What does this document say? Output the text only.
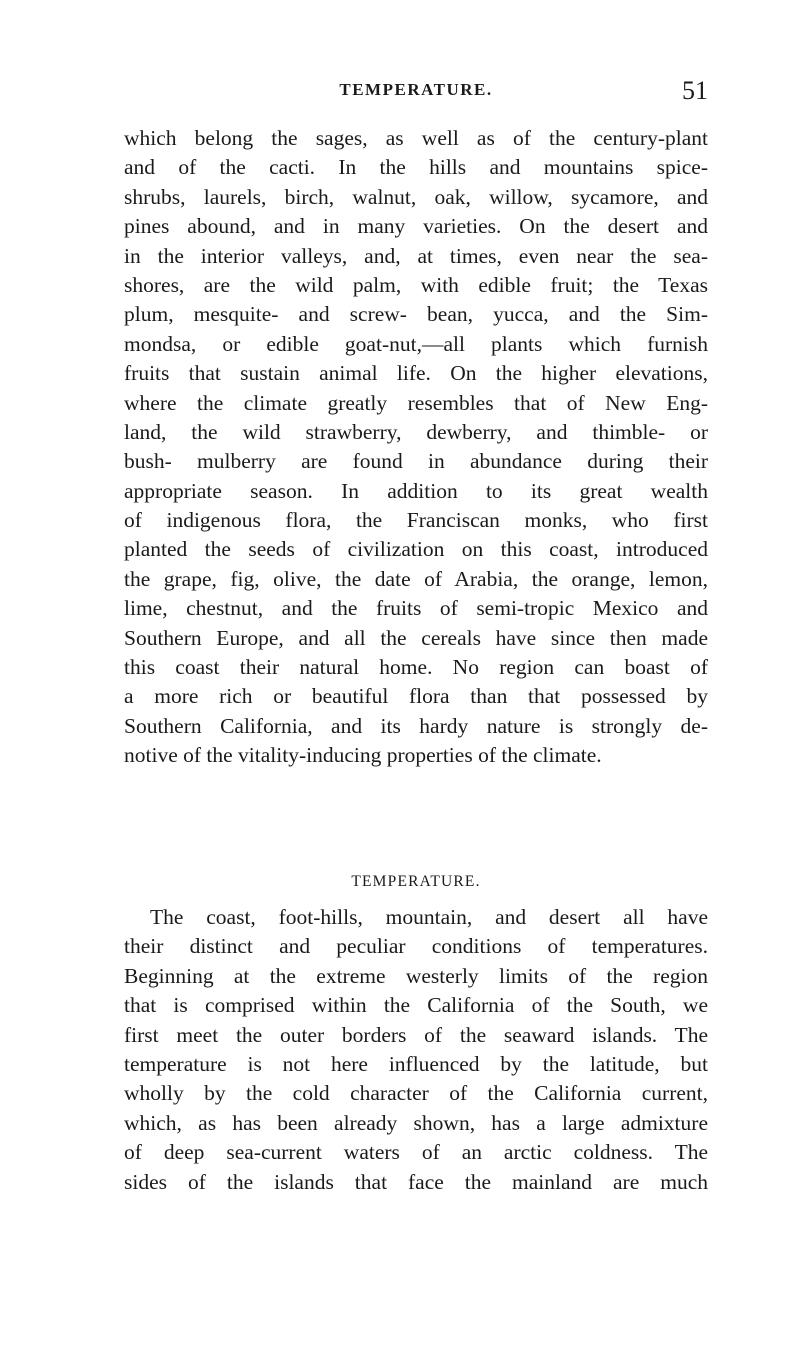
TEMPERATURE.	51
which belong the sages, as well as of the century-plant
and of the cacti. In the hills and mountains spice-
shrubs, laurels, birch, walnut, oak, willow, sycamore, and
pines abound, and in many varieties. On the desert and
in the interior valleys, and, at times, even near the sea-
shores, are the wild palm, with edible fruit; the Texas
plum, mesquite- and screw- bean, yucca, and the Sim-
mondsa, or edible goat-nut,—all plants which furnish
fruits that sustain animal life. On the higher elevations,
where the climate greatly resembles that of New Eng-
land, the wild strawberry, dewberry, and thimble- or
bush- mulberry are found in abundance during their
appropriate season. In addition to its great wealth
of indigenous flora, the Franciscan monks, who first
planted the seeds of civilization on this coast, introduced
the grape, fig, olive, the date of Arabia, the orange, lemon,
lime, chestnut, and the fruits of semi-tropic Mexico and
Southern Europe, and all the cereals have since then made
this coast their natural home. No region can boast of
a more rich or beautiful flora than that possessed by
Southern California, and its hardy nature is strongly de-
notive of the vitality-inducing properties of the climate.
TEMPERATURE.
The coast, foot-hills, mountain, and desert all have
their distinct and peculiar conditions of temperatures.
Beginning at the extreme westerly limits of the region
that is comprised within the California of the South, we
first meet the outer borders of the seaward islands. The
temperature is not here influenced by the latitude, but
wholly by the cold character of the California current,
which, as has been already shown, has a large admixture
of deep sea-current waters of an arctic coldness. The
sides of the islands that face the mainland are much
